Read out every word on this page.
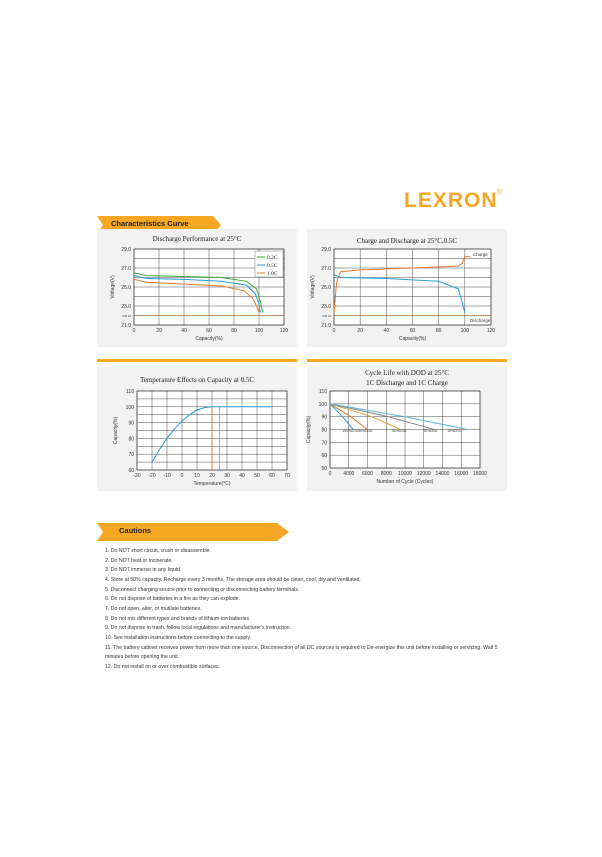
LEXRON ®
Characteristics Curve
Discharge Performance at 25°C
0	20	40	60	80	100	120
29.0
27.0
25.0
23.0
21.0
LVD 22
Capacity(%)
Voltage(V)
0.2C
0.5C
1.0C
Charge and Discharge at 25°C,0.5C
0	20	40	60	80	100	120
29.0
27.0
25.0
23.0
21.0
LVD 22
Capacity(%)
Voltage(V)
Charge
Discharge
Temperature Effects on Capacity at 0.5C
-30 -20 -10 0 10 20 30 40 50 60 70
110
100
90
80
70
60
Temperature(°C)
Capacity(%)
Cycle Life with DOD at 25°C
1C Discharge and 1C Charge
0 4000 6000 8000 10000 12000 14000 16000 18000
110
100
90
80
70
60
50
Number of Cycle (Cycles)
Capacity(%)	100%DOD 80%DOD	50%DOD	30%DOD	20%DOD
Cautions
1. Do NOT short circuit, crush or disassemble.
2. Do NOT heat or incinerate.
3. Do NOT immerse in any liquid.
4. Store at 50% capacity. Recharge every 3 months. The storage area should be clean, cool, dry and ventilated.
5. Disconnect charging source prior to connecting or disconnecting battery terminals.
6. Do not dispose of batteries in a fire as they can explode.
7. Do not open, alter, or mutilate batteries.
8. Do not mix different types and brands of lithium-ion batteries.
9. Do not dispose in trash, follow local regulations and manufacturer's instruction.
10. See installation instructions before connecting to the supply.
11. The battery cabinet receives power from more than one source. Disconnection of all DC sources is required to De-energize this unit before installing or servicing. Wait 5 minutes before opening the unit.
12. Do not install on or over combustible surfaces.
